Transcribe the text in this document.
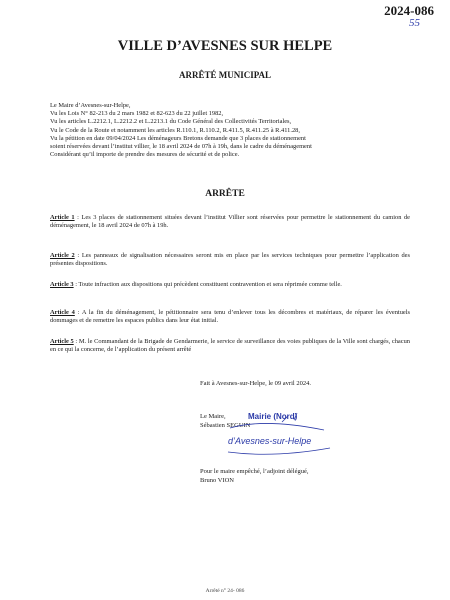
2024-086
55
VILLE D’AVESNES SUR HELPE
ARRÊTÉ MUNICIPAL
Le Maire d’Avesnes-sur-Helpe,
Vu les Lois N° 82-213 du 2 mars 1982 et 82-623 du 22 juillet 1982,
Vu les articles L.2212.1, L.2212.2 et L.2213.1 du Code Général des Collectivités Territoriales,
Vu le Code de la Route et notamment les articles R.110.1, R.110.2, R.411.5, R.411.25 à R.411.28,
Vu la pétition en date 09/04/2024 Les déménageurs Bretons demande que 3 places de stationnement
soient réservées devant l’institut villier, le 18 avril 2024 de 07h à 19h, dans le cadre du déménagement
Considérant qu’il importe de prendre des mesures de sécurité et de police.
ARRÊTE
Article 1 : Les 3 places de stationnement situées devant l’institut Villier sont réservées pour permettre le stationnement du camion de déménagement, le 18 avril 2024 de 07h à 19h.
Article 2 : Les panneaux de signalisation nécessaires seront mis en place par les services techniques pour permettre l’application des présentes dispositions.
Article 3 : Toute infraction aux dispositions qui précèdent constituent contravention et sera réprimée comme telle.
Article 4 : A la fin du déménagement, le pétitionnaire sera tenu d’enlever tous les décombres et matériaux, de réparer les éventuels dommages et de remettre les espaces publics dans leur état initial.
Article 5 : M. le Commandant de la Brigade de Gendarmerie, le service de surveillance des voies publiques de la Ville sont chargés, chacun en ce qui la concerne, de l’application du présent arrêté
Fait à Avesnes-sur-Helpe, le 09 avril 2024.
Le Maire,
Sébastien SEGUIN
Mairie (Nord)
d’Avesnes-sur-Helpe
Pour le maire empêché, l’adjoint délégué,
Bruno VION
Arrêté n° 24- 086
